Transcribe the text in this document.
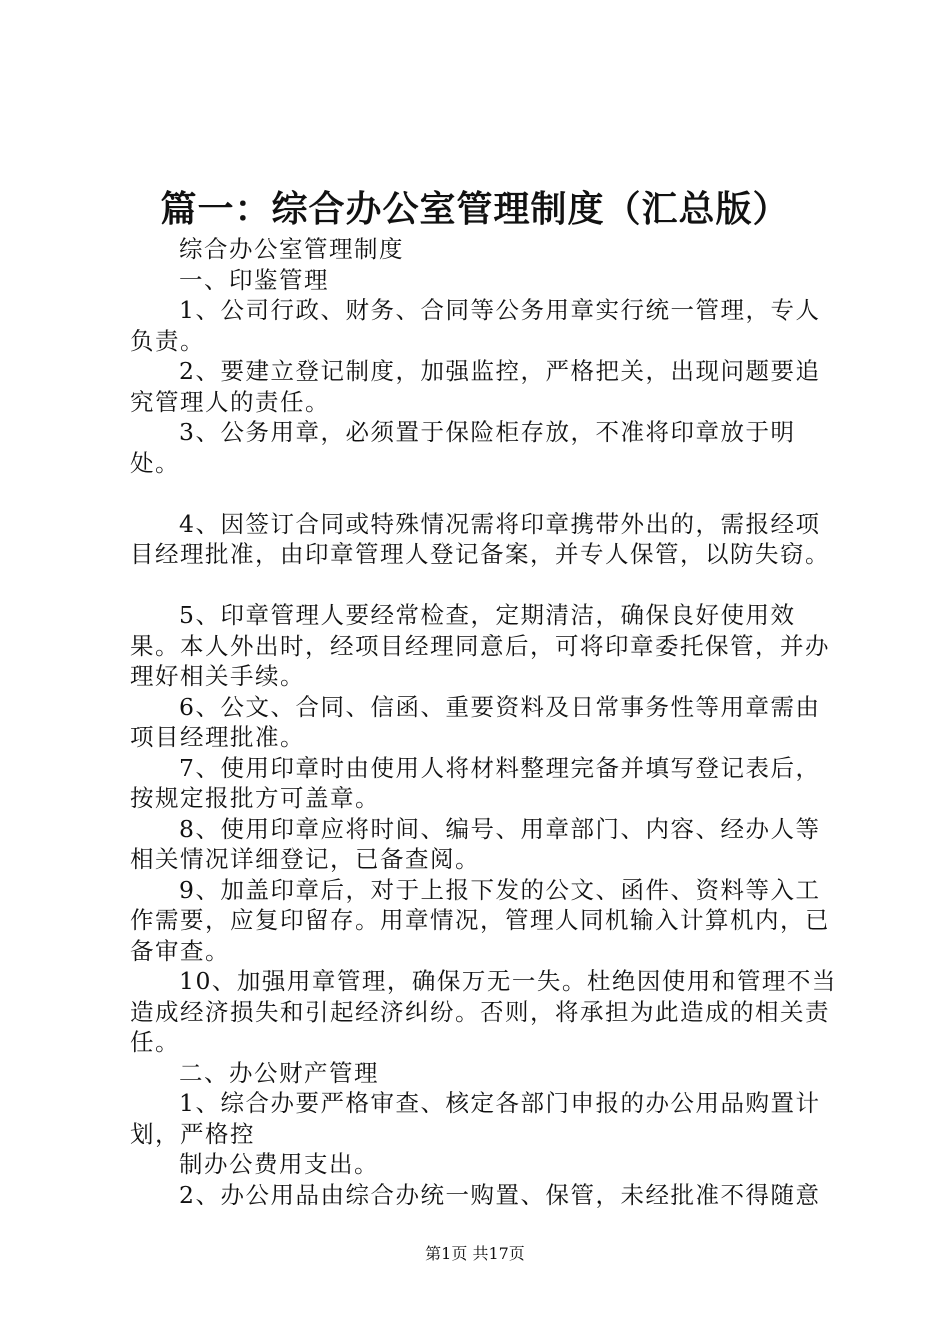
篇一：综合办公室管理制度（汇总版）

综合办公室管理制度

一、印鉴管理

1、公司行政、财务、合同等公务用章实行统一管理，专人负责。

2、要建立登记制度，加强监控，严格把关，出现问题要追究管理人的责任。

3、公务用章，必须置于保险柜存放，不准将印章放于明处。

4、因签订合同或特殊情况需将印章携带外出的，需报经项目经理批准，由印章管理人登记备案，并专人保管，以防失窃。

5、印章管理人要经常检查，定期清洁，确保良好使用效果。本人外出时，经项目经理同意后，可将印章委托保管，并办理好相关手续。

6、公文、合同、信函、重要资料及日常事务性等用章需由项目经理批准。

7、使用印章时由使用人将材料整理完备并填写登记表后，按规定报批方可盖章。

8、使用印章应将时间、编号、用章部门、内容、经办人等相关情况详细登记，已备查阅。

9、加盖印章后，对于上报下发的公文、函件、资料等入工作需要，应复印留存。用章情况，管理人同机输入计算机内，已备审查。

10、加强用章管理，确保万无一失。杜绝因使用和管理不当造成经济损失和引起经济纠纷。否则，将承担为此造成的相关责任。

二、办公财产管理

1、综合办要严格审查、核定各部门申报的办公用品购置计划，严格控

制办公费用支出。

2、办公用品由综合办统一购置、保管，未经批准不得随意

第1页 共17页
